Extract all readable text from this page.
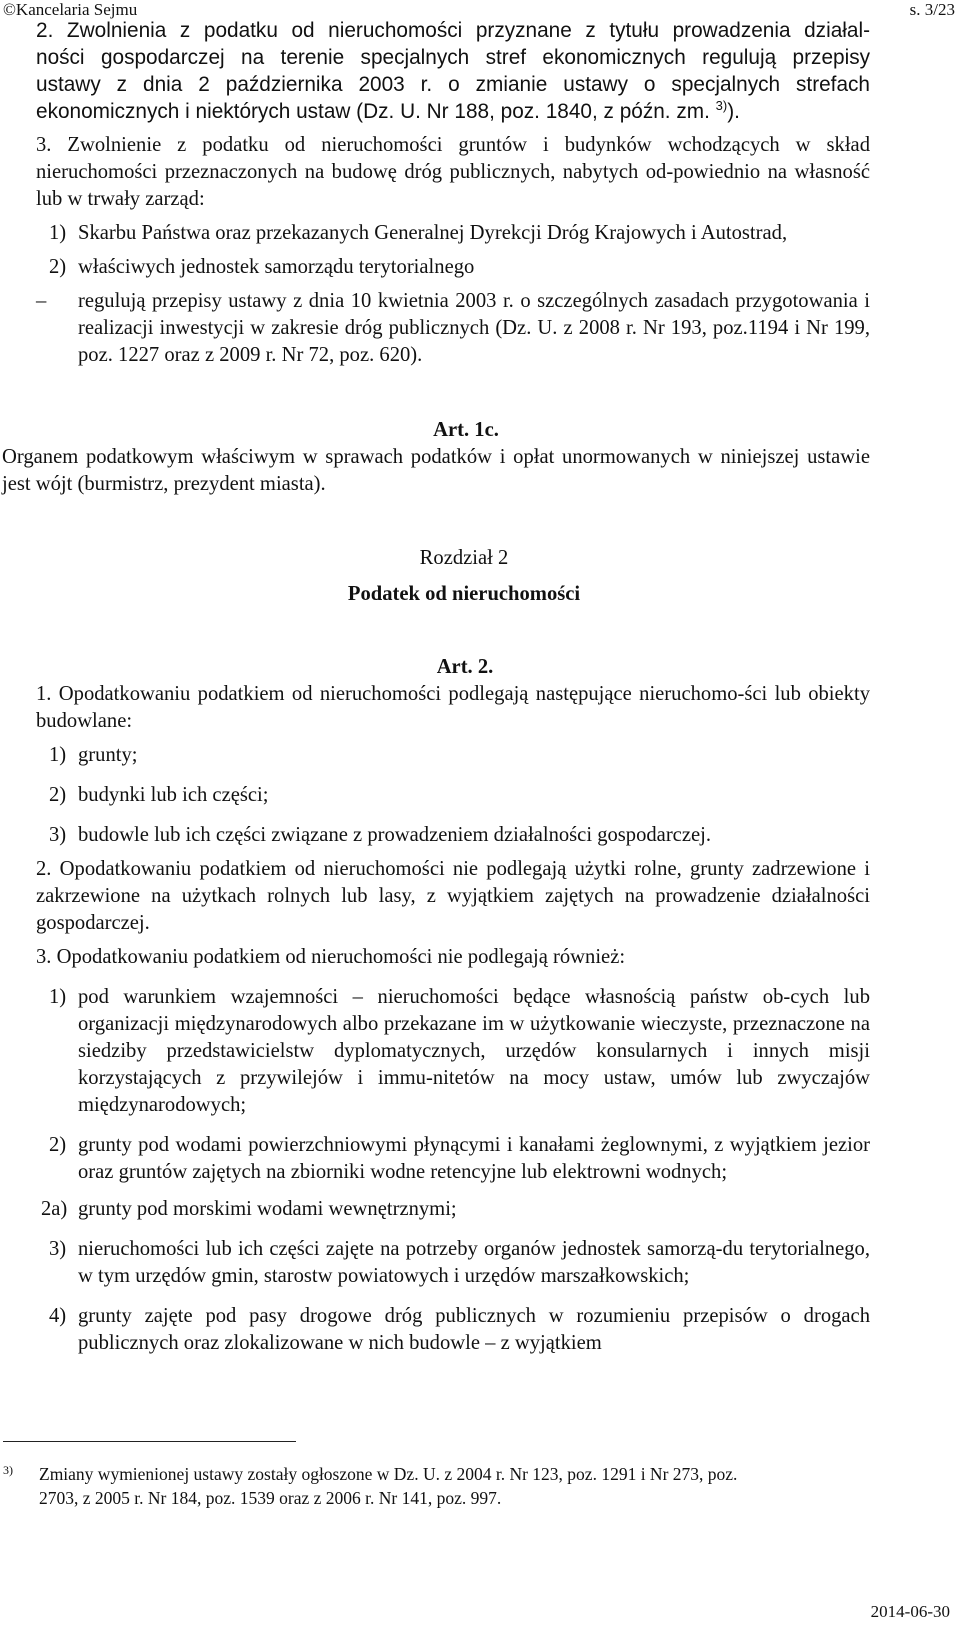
©Kancelaria Sejmu	s. 3/23
2. Zwolnienia z podatku od nieruchomości przyznane z tytułu prowadzenia działal-
ności gospodarczej na terenie specjalnych stref ekonomicznych regulują przepisy
ustawy z dnia 2 października 2003 r. o zmianie ustawy o specjalnych strefach
ekonomicznych i niektórych ustaw (Dz. U. Nr 188, poz. 1840, z późn. zm. $^{3)}$).

3. Zwolnienie z podatku od nieruchomości gruntów i budynków wchodzących w skład nieruchomości przeznaczonych na budowę dróg publicznych, nabytych od-powiednio na własność lub w trwały zarząd:

1) Skarbu Państwa oraz przekazanych Generalnej Dyrekcji Dróg Krajowych i Autostrad,
2) właściwych jednostek samorządu terytorialnego
– regulują przepisy ustawy z dnia 10 kwietnia 2003 r. o szczególnych zasadach przygotowania i realizacji inwestycji w zakresie dróg publicznych (Dz. U. z 2008 r. Nr 193, poz.1194 i Nr 199, poz. 1227 oraz z 2009 r. Nr 72, poz. 620).

Art. 1c.

Organem podatkowym właściwym w sprawach podatków i opłat unormowanych w niniejszej ustawie jest wójt (burmistrz, prezydent miasta).

Rozdział 2

Podatek od nieruchomości

Art. 2.

1. Opodatkowaniu podatkiem od nieruchomości podlegają następujące nieruchomo-ści lub obiekty budowlane:

1) grunty;
2) budynki lub ich części;
3) budowle lub ich części związane z prowadzeniem działalności gospodarczej.

2. Opodatkowaniu podatkiem od nieruchomości nie podlegają użytki rolne, grunty zadrzewione i zakrzewione na użytkach rolnych lub lasy, z wyjątkiem zajętych na prowadzenie działalności gospodarczej.

3. Opodatkowaniu podatkiem od nieruchomości nie podlegają również:

1) pod warunkiem wzajemności – nieruchomości będące własnością państw ob-cych lub organizacji międzynarodowych albo przekazane im w użytkowanie wieczyste, przeznaczone na siedziby przedstawicielstw dyplomatycznych, urzędów konsularnych i innych misji korzystających z przywilejów i immu-nitetów na mocy ustaw, umów lub zwyczajów międzynarodowych;
2) grunty pod wodami powierzchniowymi płynącymi i kanałami żeglownymi, z wyjątkiem jezior oraz gruntów zajętych na zbiorniki wodne retencyjne lub elektrowni wodnych;
2a) grunty pod morskimi wodami wewnętrznymi;
3) nieruchomości lub ich części zajęte na potrzeby organów jednostek samorzą-du terytorialnego, w tym urzędów gmin, starostw powiatowych i urzędów marszałkowskich;
4) grunty zajęte pod pasy drogowe dróg publicznych w rozumieniu przepisów o drogach publicznych oraz zlokalizowane w nich budowle – z wyjątkiem
3)	Zmiany wymienionej ustawy zostały ogłoszone w Dz. U. z 2004 r. Nr 123, poz. 1291 i Nr 273, poz.
2703, z 2005 r. Nr 184, poz. 1539 oraz z 2006 r. Nr 141, poz. 997.
2014-06-30
